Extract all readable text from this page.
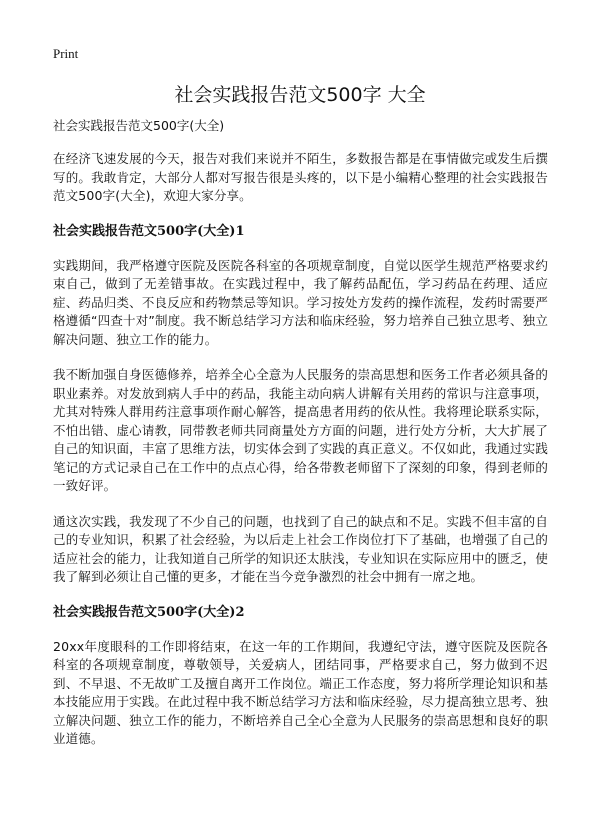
Print
社会实践报告范文500字 大全
社会实践报告范文500字(大全)

在经济飞速发展的今天，报告对我们来说并不陌生，多数报告都是在事情做完或发生后撰写的。我敢肯定，大部分人都对写报告很是头疼的，以下是小编精心整理的社会实践报告范文500字(大全)，欢迎大家分享。

社会实践报告范文500字(大全)1

实践期间，我严格遵守医院及医院各科室的各项规章制度，自觉以医学生规范严格要求约束自己，做到了无差错事故。在实践过程中，我了解药品配伍，学习药品在药理、适应症、药品归类、不良反应和药物禁忌等知识。学习按处方发药的操作流程，发药时需要严格遵循“四查十对”制度。我不断总结学习方法和临床经验，努力培养自己独立思考、独立解决问题、独立工作的能力。

我不断加强自身医德修养，培养全心全意为人民服务的崇高思想和医务工作者必须具备的职业素养。对发放到病人手中的药品，我能主动向病人讲解有关用药的常识与注意事项，尤其对特殊人群用药注意事项作耐心解答，提高患者用药的依从性。我将理论联系实际，不怕出错、虚心请教，同带教老师共同商量处方方面的问题，进行处方分析，大大扩展了自己的知识面，丰富了思维方法，切实体会到了实践的真正意义。不仅如此，我通过实践笔记的方式记录自己在工作中的点点心得，给各带教老师留下了深刻的印象，得到老师的一致好评。

通这次实践，我发现了不少自己的问题，也找到了自己的缺点和不足。实践不但丰富的自己的专业知识，积累了社会经验，为以后走上社会工作岗位打下了基础，也增强了自己的适应社会的能力，让我知道自己所学的知识还太肤浅，专业知识在实际应用中的匮乏，使我了解到必须让自己懂的更多，才能在当今竞争激烈的社会中拥有一席之地。

社会实践报告范文500字(大全)2

20xx年度眼科的工作即将结束，在这一年的工作期间，我遵纪守法，遵守医院及医院各科室的各项规章制度，尊敬领导，关爱病人，团结同事，严格要求自己，努力做到不迟到、不早退、不无故旷工及擅自离开工作岗位。端正工作态度，努力将所学理论知识和基本技能应用于实践。在此过程中我不断总结学习方法和临床经验，尽力提高独立思考、独立解决问题、独立工作的能力，不断培养自己全心全意为人民服务的崇高思想和良好的职业道德。
